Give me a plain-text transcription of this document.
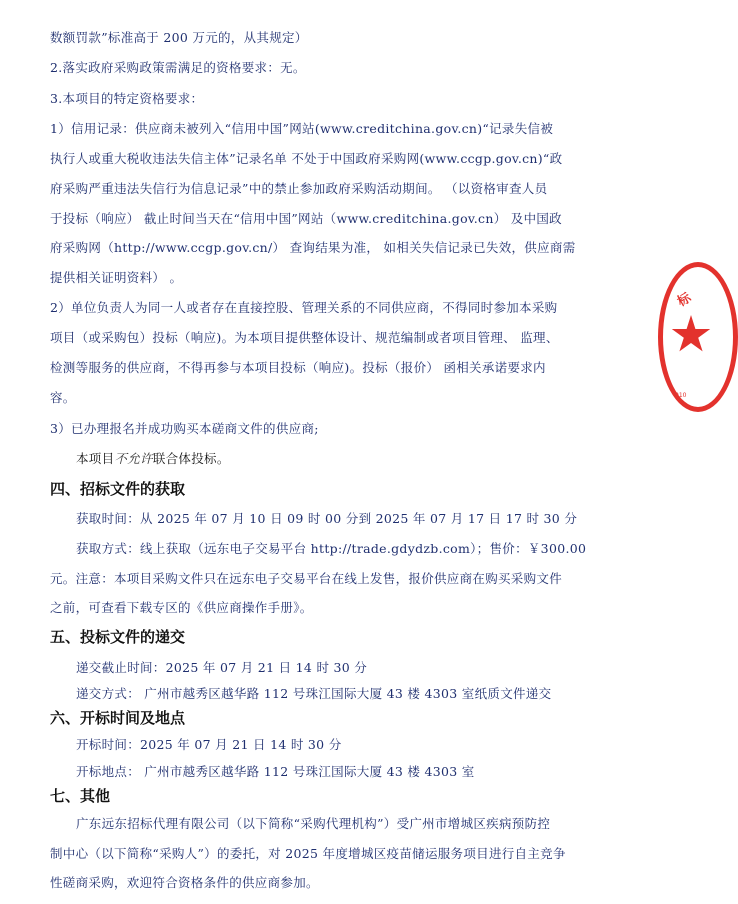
数额罚款”标准高于 200 万元的，从其规定）
2.落实政府采购政策需满足的资格要求：无。
3.本项目的特定资格要求：
1）信用记录：供应商未被列入“信用中国”网站(www.creditchina.gov.cn)“记录失信被
执行人或重大税收违法失信主体”记录名单 不处于中国政府采购网(www.ccgp.gov.cn)“政
府采购严重违法失信行为信息记录”中的禁止参加政府采购活动期间。 （以资格审查人员
于投标（响应） 截止时间当天在“信用中国”网站（www.creditchina.gov.cn） 及中国政
府采购网（http://www.ccgp.gov.cn/） 查询结果为准， 如相关失信记录已失效，供应商需
提供相关证明资料） 。
2）单位负责人为同一人或者存在直接控股、管理关系的不同供应商，不得同时参加本采购
项目（或采购包）投标（响应)。为本项目提供整体设计、规范编制或者项目管理、 监理、
检测等服务的供应商，不得再参与本项目投标（响应)。投标（报价） 函相关承诺要求内
容。
3）已办理报名并成功购买本磋商文件的供应商;
本项目不允许联合体投标。
四、招标文件的获取
获取时间：从 2025 年 07 月 10 日 09 时 00 分到 2025 年 07 月 17 日 17 时 30 分
获取方式：线上获取（远东电子交易平台 http://trade.gdydzb.com）；售价：￥300.00
元。注意：本项目采购文件只在远东电子交易平台在线上发售，报价供应商在购买采购文件
之前，可查看下载专区的《供应商操作手册》。
五、投标文件的递交
递交截止时间：2025 年 07 月 21 日 14 时 30 分
递交方式： 广州市越秀区越华路 112 号珠江国际大厦 43 楼 4303 室纸质文件递交
六、开标时间及地点
开标时间：2025 年 07 月 21 日 14 时 30 分
开标地点： 广州市越秀区越华路 112 号珠江国际大厦 43 楼 4303 室
七、其他
广东远东招标代理有限公司（以下简称“采购代理机构”）受广州市增城区疾病预防控
制中心（以下简称“采购人”）的委托，对 2025 年度增城区疫苗储运服务项目进行自主竞争
性磋商采购，欢迎符合资格条件的供应商参加。
标
010
